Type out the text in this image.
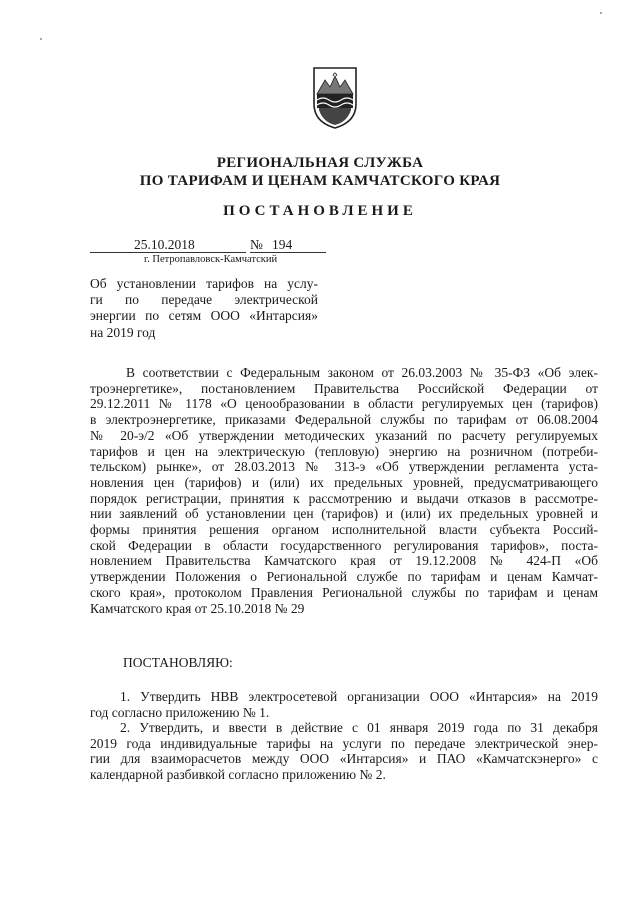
РЕГИОНАЛЬНАЯ СЛУЖБА
ПО ТАРИФАМ И ЦЕНАМ КАМЧАТСКОГО КРАЯ
ПОСТАНОВЛЕНИЕ
25.10.2018	№ 194
г. Петропавловск-Камчатский
Об установлении тарифов на услу-
ги по передаче электрической
энергии по сетям ООО «Интарсия»
на 2019 год
В соответствии с Федеральным законом от 26.03.2003 № 35-ФЗ «Об элек-
троэнергетике», постановлением Правительства Российской Федерации от
29.12.2011 № 1178 «О ценообразовании в области регулируемых цен (тарифов)
в электроэнергетике, приказами Федеральной службы по тарифам от 06.08.2004
№ 20-э/2 «Об утверждении методических указаний по расчету регулируемых
тарифов и цен на электрическую (тепловую) энергию на розничном (потреби-
тельском) рынке», от 28.03.2013 № 313-э «Об утверждении регламента уста-
новления цен (тарифов) и (или) их предельных уровней, предусматривающего
порядок регистрации, принятия к рассмотрению и выдачи отказов в рассмотре-
нии заявлений об установлении цен (тарифов) и (или) их предельных уровней и
формы принятия решения органом исполнительной власти субъекта Россий-
ской Федерации в области государственного регулирования тарифов», поста-
новлением Правительства Камчатского края от 19.12.2008 № 424-П «Об
утверждении Положения о Региональной службе по тарифам и ценам Камчат-
ского края», протоколом Правления Региональной службы по тарифам и ценам
Камчатского края от 25.10.2018 № 29
ПОСТАНОВЛЯЮ:
1. Утвердить НВВ электросетевой организации ООО «Интарсия» на 2019
год согласно приложению № 1.
2. Утвердить, и ввести в действие с 01 января 2019 года по 31 декабря
2019 года индивидуальные тарифы на услуги по передаче электрической энер-
гии для взаиморасчетов между ООО «Интарсия» и ПАО «Камчатскэнерго» с
календарной разбивкой согласно приложению № 2.
